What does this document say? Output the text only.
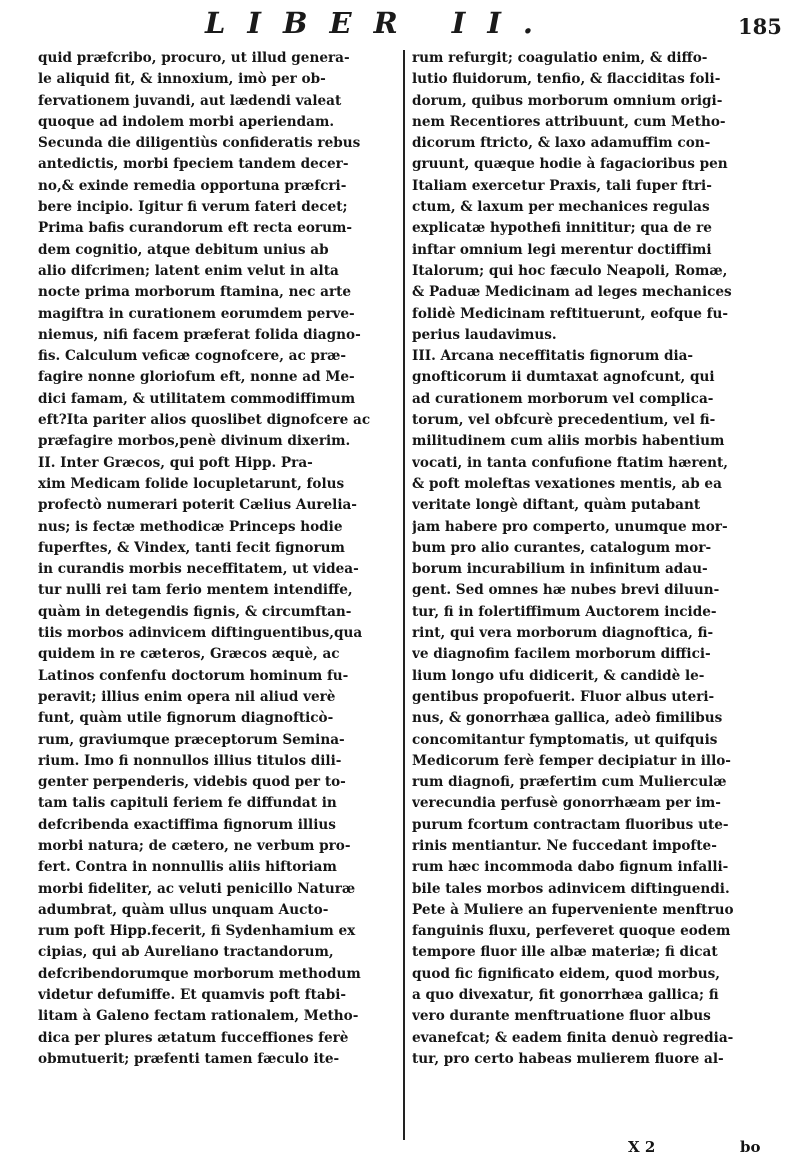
LIBER II.	185
quid præfcribo, procuro, ut illud genera-
le aliquid fit, & innoxium, imò per ob-
fervationem juvandi, aut lædendi valeat
quoque ad indolem morbi aperiendam.
Secunda die diligentiùs confideratis rebus
antedictis, morbi fpeciem tandem decer-
no,& exinde remedia opportuna præfcri-
bere incipio. Igitur fi verum fateri decet;
Prima bafis curandorum eft recta eorum-
dem cognitio, atque debitum unius ab
alio difcrimen; latent enim velut in alta
nocte prima morborum ftamina, nec arte
magiftra in curationem eorumdem perve-
niemus, nifi facem præferat folida diagno-
fis. Calculum veficæ cognofcere, ac præ-
fagire nonne gloriofum eft, nonne ad Me-
dici famam, & utilitatem commodiffimum
eft?Ita pariter alios quoslibet dignofcere ac
præfagire morbos,penè divinum dixerim.
II. Inter Græcos, qui poft Hipp. Pra-
xim Medicam folide locupletarunt, folus
profectò numerari poterit Cælius Aurelia-
nus; is fectæ methodicæ Princeps hodie
fuperftes, & Vindex, tanti fecit fignorum
in curandis morbis neceffitatem, ut videa-
tur nulli rei tam ferio mentem intendiffe,
quàm in detegendis fignis, & circumftan-
tiis morbos adinvicem diftinguentibus,qua
quidem in re cæteros, Græcos æquè, ac
Latinos confenfu doctorum hominum fu-
peravit; illius enim opera nil aliud verè
funt, quàm utile fignorum diagnofticò-
rum, graviumque præceptorum Semina-
rium. Imo fi nonnullos illius titulos dili-
genter perpenderis, videbis quod per to-
tam talis capituli feriem fe diffundat in
defcribenda exactiffima fignorum illius
morbi natura; de cætero, ne verbum pro-
fert. Contra in nonnullis aliis hiftoriam
morbi fideliter, ac veluti penicillo Naturæ
adumbrat, quàm ullus unquam Aucto-
rum poft Hipp.fecerit, fi Sydenhamium ex
cipias, qui ab Aureliano tractandorum,
defcribendorumque morborum methodum
videtur defumiffe. Et quamvis poft ftabi-
litam à Galeno fectam rationalem, Metho-
dica per plures ætatum fucceffiones ferè
obmutuerit; præfenti tamen fæculo ite-
rum refurgit; coagulatio enim, & diffo-
lutio fluidorum, tenfio, & flacciditas foli-
dorum, quibus morborum omnium origi-
nem Recentiores attribuunt, cum Metho-
dicorum ftricto, & laxo adamuffim con-
gruunt, quæque hodie à fagacioribus pen
Italiam exercetur Praxis, tali fuper ftri-
ctum, & laxum per mechanices regulas
explicatæ hypothefi innititur; qua de re
inftar omnium legi merentur doctiffimi
Italorum; qui hoc fæculo Neapoli, Romæ,
& Paduæ Medicinam ad leges mechanices
folidè Medicinam reftituerunt, eofque fu-
perius laudavimus.
III. Arcana neceffitatis fignorum dia-
gnofticorum ii dumtaxat agnofcunt, qui
ad curationem morborum vel complica-
torum, vel obfcurè precedentium, vel fi-
militudinem cum aliis morbis habentium
vocati, in tanta confufione ftatim hærent,
& poft moleftas vexationes mentis, ab ea
veritate longè diftant, quàm putabant
jam habere pro comperto, unumque mor-
bum pro alio curantes, catalogum mor-
borum incurabilium in infinitum adau-
gent. Sed omnes hæ nubes brevi diluun-
tur, fi in folertiffimum Auctorem incide-
rint, qui vera morborum diagnoftica, fi-
ve diagnofim facilem morborum diffici-
lium longo ufu didicerit, & candidè le-
gentibus propofuerit. Fluor albus uteri-
nus, & gonorrhæa gallica, adeò fimilibus
concomitantur fymptomatis, ut quifquis
Medicorum ferè femper decipiatur in illo-
rum diagnofi, præfertim cum Mulierculæ
verecundia perfusè gonorrhæam per im-
purum fcortum contractam fluoribus ute-
rinis mentiantur. Ne fuccedant impofte-
rum hæc incommoda dabo fignum infalli-
bile tales morbos adinvicem diftinguendi.
Pete à Muliere an fuperveniente menftruo
fanguinis fluxu, perfeveret quoque eodem
tempore fluor ille albæ materiæ; fi dicat
quod fic fignificato eidem, quod morbus,
a quo divexatur, fit gonorrhæa gallica; fi
vero durante menftruatione fluor albus
evanefcat; & eadem finita denuò regredia-
tur, pro certo habeas mulierem fluore al-
X 2	bo
